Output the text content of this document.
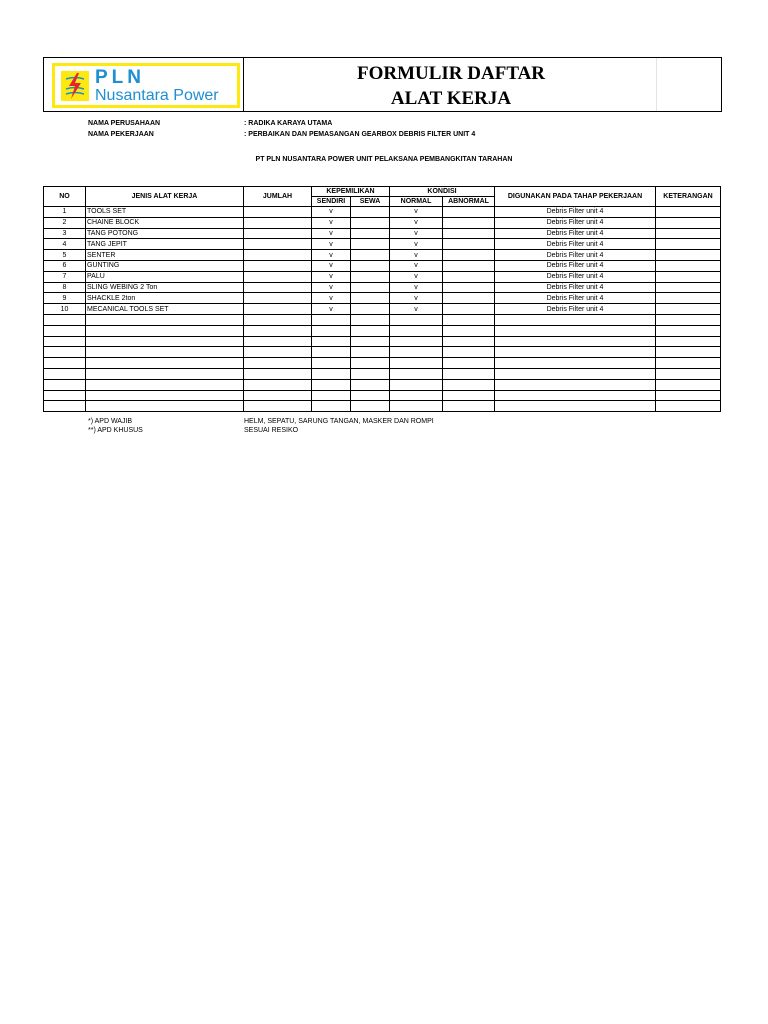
PLN
Nusantara Power
FORMULIR DAFTAR
ALAT KERJA
NAMA PERUSAHAAN	: RADIKA KARAYA UTAMA
NAMA PEKERJAAN	: PERBAIKAN DAN PEMASANGAN GEARBOX DEBRIS FILTER UNIT 4
PT PLN NUSANTARA POWER UNIT PELAKSANA PEMBANGKITAN TARAHAN
NO	JENIS ALAT KERJA	JUMLAH	KEPEMILIKAN		KONDISI		DIGUNAKAN PADA TAHAP PEKERJAAN	KETERANGAN
			SENDIRI	SEWA	NORMAL	ABNORMAL		
1	TOOLS SET		v		v		Debris Filter unit 4	
2	CHAINE BLOCK		v		v		Debris Filter unit 4	
3	TANG POTONG		v		v		Debris Filter unit 4	
4	TANG JEPIT		v		v		Debris Filter unit 4	
5	SENTER		v		v		Debris Filter unit 4	
6	GUNTING		v		v		Debris Filter unit 4	
7	PALU		v		v		Debris Filter unit 4	
8	SLING WEBING 2 Ton		v		v		Debris Filter unit 4	
9	SHACKLE 2ton		v		v		Debris Filter unit 4	
10	MECANICAL TOOLS SET		v		v		Debris Filter unit 4	

*) APD WAJIB	HELM, SEPATU, SARUNG TANGAN, MASKER DAN ROMPI
**) APD KHUSUS	SESUAI RESIKO
